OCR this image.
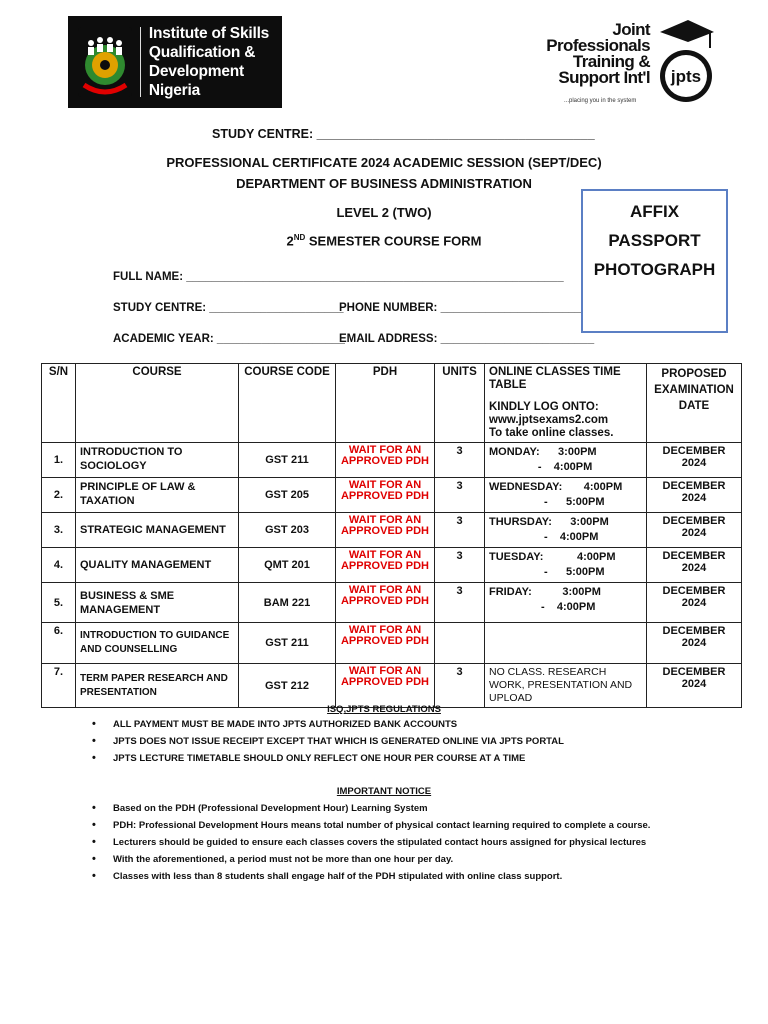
Institute of Skills
Qualification &
Development Nigeria
Joint
Professionals
Training &
Support Int'l jpts
...placing you in the system
STUDY CENTRE: ________________________________________
PROFESSIONAL CERTIFICATE 2024 ACADEMIC SESSION (SEPT/DEC)
DEPARTMENT OF BUSINESS ADMINISTRATION
LEVEL 2 (TWO)
2ND SEMESTER COURSE FORM
FULL NAME: ___________________________________________________________
STUDY CENTRE: _____________________
PHONE NUMBER: ______________________
ACADEMIC YEAR: ____________________
EMAIL ADDRESS: ________________________
AFFIX
PASSPORT
PHOTOGRAPH
S/N	COURSE	COURSE CODE	PDH	UNITS	ONLINE CLASSES TIME TABLE
KINDLY LOG ONTO:
www.jptsexams2.com
To take online classes.	PROPOSED EXAMINATION DATE
1.	INTRODUCTION TO SOCIOLOGY	GST 211	WAIT FOR AN APPROVED PDH	3	MONDAY:      3:00PM
-    4:00PM	DECEMBER 2024
2.	PRINCIPLE OF LAW & TAXATION	GST 205	WAIT FOR AN APPROVED PDH	3	WEDNESDAY:       4:00PM
-      5:00PM	DECEMBER 2024
3.	STRATEGIC MANAGEMENT	GST 203	WAIT FOR AN APPROVED PDH	3	THURSDAY:      3:00PM
-    4:00PM	DECEMBER 2024
4.	QUALITY MANAGEMENT	QMT 201	WAIT FOR AN APPROVED PDH	3	TUESDAY:           4:00PM
-      5:00PM	DECEMBER 2024
5.	BUSINESS & SME MANAGEMENT	BAM 221	WAIT FOR AN APPROVED PDH	3	FRIDAY:          3:00PM
-    4:00PM	DECEMBER 2024
6.	INTRODUCTION TO GUIDANCE AND COUNSELLING	GST 211	WAIT FOR AN APPROVED PDH			DECEMBER 2024
7.	TERM PAPER RESEARCH AND PRESENTATION	GST 212	WAIT FOR AN APPROVED PDH	3	NO CLASS. RESEARCH WORK, PRESENTATION AND UPLOAD	DECEMBER 2024
ISQ,JPTS REGULATIONS
• ALL PAYMENT MUST BE MADE INTO JPTS AUTHORIZED BANK ACCOUNTS
• JPTS DOES NOT ISSUE RECEIPT EXCEPT THAT WHICH IS GENERATED ONLINE VIA JPTS PORTAL
• JPTS LECTURE TIMETABLE SHOULD ONLY REFLECT ONE HOUR PER COURSE AT A TIME
IMPORTANT NOTICE
• Based on the PDH (Professional Development Hour) Learning System
• PDH: Professional Development Hours means total number of physical contact learning required to complete a course.
• Lecturers should be guided to ensure each classes covers the stipulated contact hours assigned for physical lectures
• With the aforementioned, a period must not be more than one hour per day.
• Classes with less than 8 students shall engage half of the PDH stipulated with online class support.
